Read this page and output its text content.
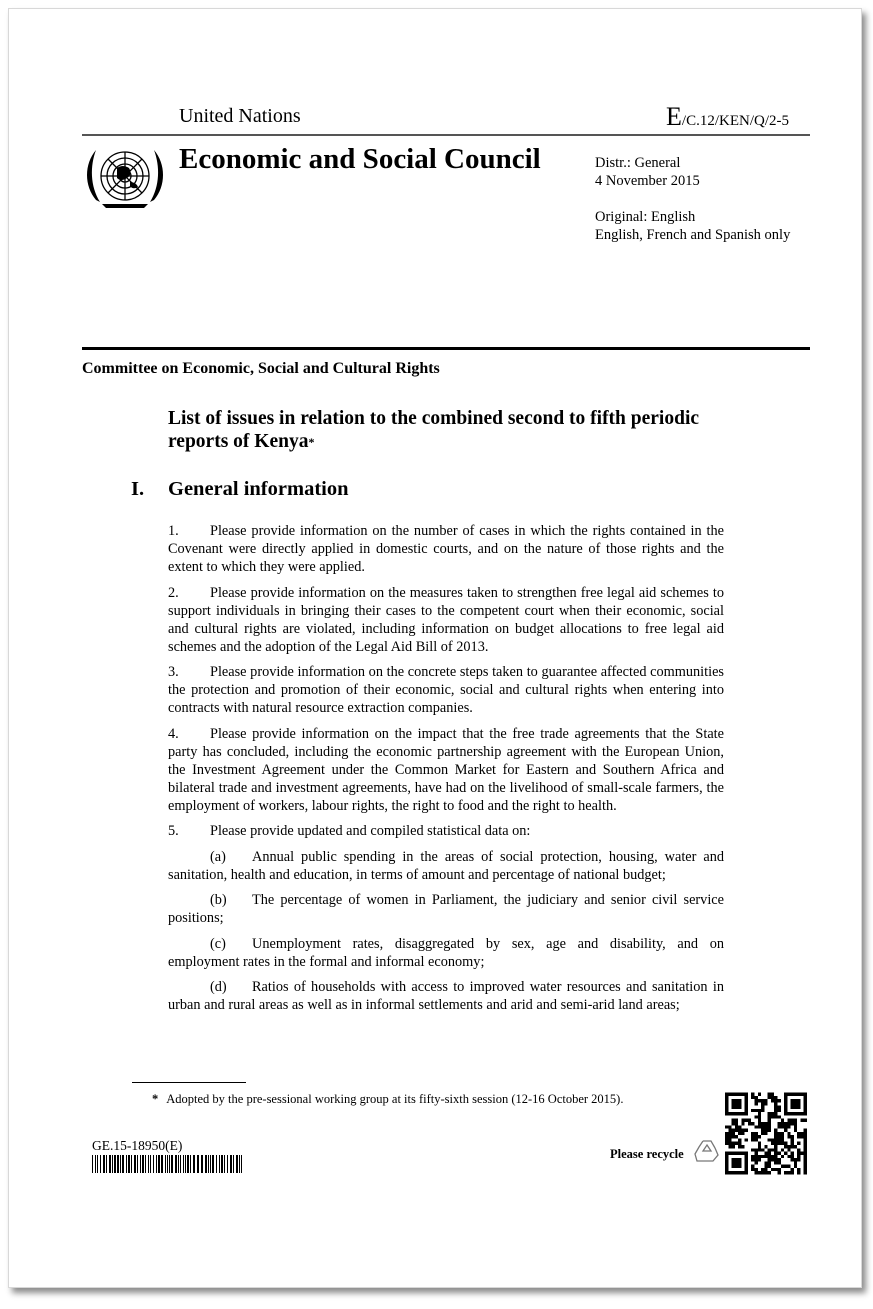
United Nations	E/C.12/KEN/Q/2-5
Economic and Social Council	Distr.: General
4 November 2015
Original: English
English, French and Spanish only
Committee on Economic, Social and Cultural Rights
List of issues in relation to the combined second to fifth periodic reports of Kenya*
I. General information

1. Please provide information on the number of cases in which the rights contained in the Covenant were directly applied in domestic courts, and on the nature of those rights and the extent to which they were applied.

2. Please provide information on the measures taken to strengthen free legal aid schemes to support individuals in bringing their cases to the competent court when their economic, social and cultural rights are violated, including information on budget allocations to free legal aid schemes and the adoption of the Legal Aid Bill of 2013.

3. Please provide information on the concrete steps taken to guarantee affected communities the protection and promotion of their economic, social and cultural rights when entering into contracts with natural resource extraction companies.

4. Please provide information on the impact that the free trade agreements that the State party has concluded, including the economic partnership agreement with the European Union, the Investment Agreement under the Common Market for Eastern and Southern Africa and bilateral trade and investment agreements, have had on the livelihood of small-scale farmers, the employment of workers, labour rights, the right to food and the right to health.

5. Please provide updated and compiled statistical data on:

(a) Annual public spending in the areas of social protection, housing, water and sanitation, health and education, in terms of amount and percentage of national budget;

(b) The percentage of women in Parliament, the judiciary and senior civil service positions;

(c) Unemployment rates, disaggregated by sex, age and disability, and on employment rates in the formal and informal economy;

(d) Ratios of households with access to improved water resources and sanitation in urban and rural areas as well as in informal settlements and arid and semi-arid land areas;

* Adopted by the pre-sessional working group at its fifty-sixth session (12-16 October 2015).
GE.15-18950(E)
Please recycle
